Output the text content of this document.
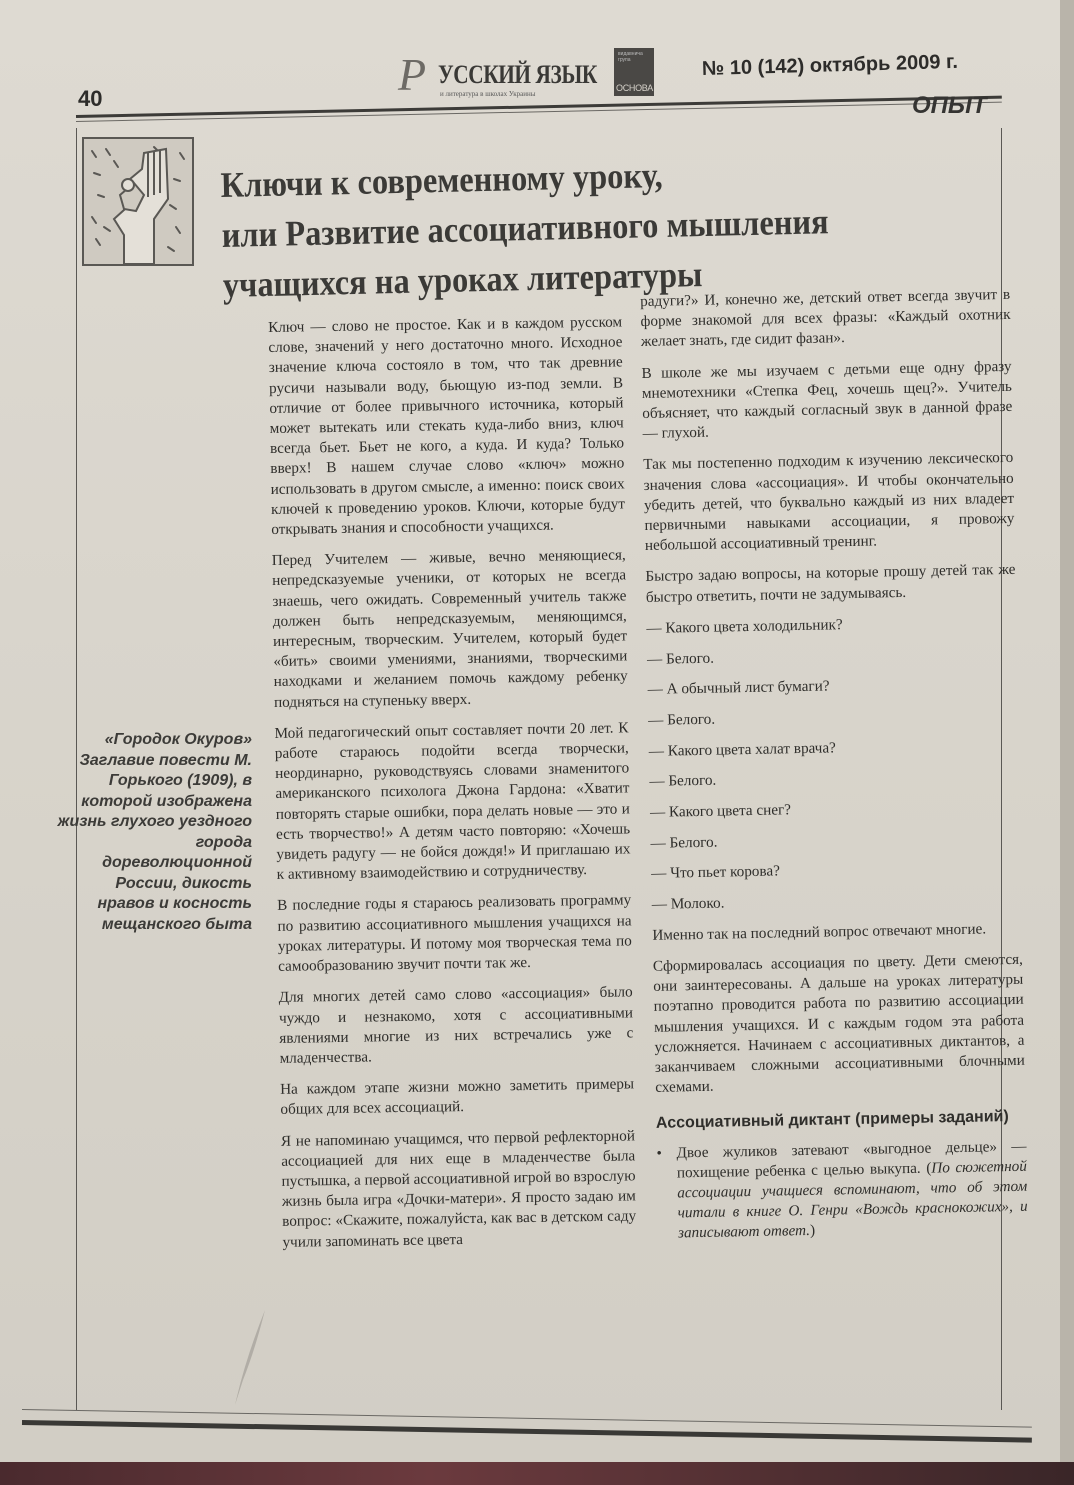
40	Р УССКИЙ ЯЗЫК
и литература в школах Украины
видавнича група
ОСНОВА
№ 10 (142) октябрь 2009 г.
ОПЫТ
Ключи к современному уроку,
или Развитие ассоциативного мышления
учащихся на уроках литературы
«Городок Окуров» Заглавие повести М. Горького (1909), в которой изображена жизнь глухого уездного города дореволюционной России, дикость нравов и косность мещанского быта

Ключ — слово не простое. Как и в каждом русском слове, значений у него достаточно много. Исходное значение ключа состояло в том, что так древние русичи называли воду, бьющую из-под земли. В отличие от более привычного источника, который может вытекать или стекать куда-либо вниз, ключ всегда бьет. Бьет не кого, а куда. И куда? Только вверх! В нашем случае слово «ключ» можно использовать в другом смысле, а именно: поиск своих ключей к проведению уроков. Ключи, которые будут открывать знания и способности учащихся.

Перед Учителем — живые, вечно меняющиеся, непредсказуемые ученики, от которых не всегда знаешь, чего ожидать. Современный учитель также должен быть непредсказуемым, меняющимся, интересным, творческим. Учителем, который будет «бить» своими умениями, знаниями, творческими находками и желанием помочь каждому ребенку подняться на ступеньку вверх.

Мой педагогический опыт составляет почти 20 лет. К работе стараюсь подойти всегда творчески, неординарно, руководствуясь словами знаменитого американского психолога Джона Гардона: «Хватит повторять старые ошибки, пора делать новые — это и есть творчество!» А детям часто повторяю: «Хочешь увидеть радугу — не бойся дождя!» И приглашаю их к активному взаимодействию и сотрудничеству.

В последние годы я стараюсь реализовать программу по развитию ассоциативного мышления учащихся на уроках литературы. И потому моя творческая тема по самообразованию звучит почти так же.

Для многих детей само слово «ассоциация» было чуждо и незнакомо, хотя с ассоциативными явлениями многие из них встречались уже с младенчества.

На каждом этапе жизни можно заметить примеры общих для всех ассоциаций.

Я не напоминаю учащимся, что первой рефлекторной ассоциацией для них еще в младенчестве была пустышка, а первой ассоциативной игрой во взрослую жизнь была игра «Дочки-матери». Я просто задаю им вопрос: «Скажите, пожалуйста, как вас в детском саду учили запоминать все цвета

радуги?» И, конечно же, детский ответ всегда звучит в форме знакомой для всех фразы: «Каждый охотник желает знать, где сидит фазан».

В школе же мы изучаем с детьми еще одну фразу мнемотехники «Степка Фец, хочешь щец?». Учитель объясняет, что каждый согласный звук в данной фразе — глухой.

Так мы постепенно подходим к изучению лексического значения слова «ассоциация». И чтобы окончательно убедить детей, что буквально каждый из них владеет первичными навыками ассоциации, я провожу небольшой ассоциативный тренинг.

Быстро задаю вопросы, на которые прошу детей так же быстро ответить, почти не задумываясь.

— Какого цвета холодильник?

— Белого.

— А обычный лист бумаги?

— Белого.

— Какого цвета халат врача?

— Белого.

— Какого цвета снег?

— Белого.

— Что пьет корова?

— Молоко.

Именно так на последний вопрос отвечают многие.

Сформировалась ассоциация по цвету. Дети смеются, они заинтересованы. А дальше на уроках литературы поэтапно проводится работа по развитию ассоциации мышления учащихся. И с каждым годом эта работа усложняется. Начинаем с ассоциативных диктантов, а заканчиваем сложными ассоциативными блочными схемами.

Ассоциативный диктант (примеры заданий)
• Двое жуликов затевают «выгодное дельце» — похищение ребенка с целью выкупа. (По сюжетной ассоциации учащиеся вспоминают, что об этом читали в книге О. Генри «Вождь краснокожих», и записывают ответ.)
